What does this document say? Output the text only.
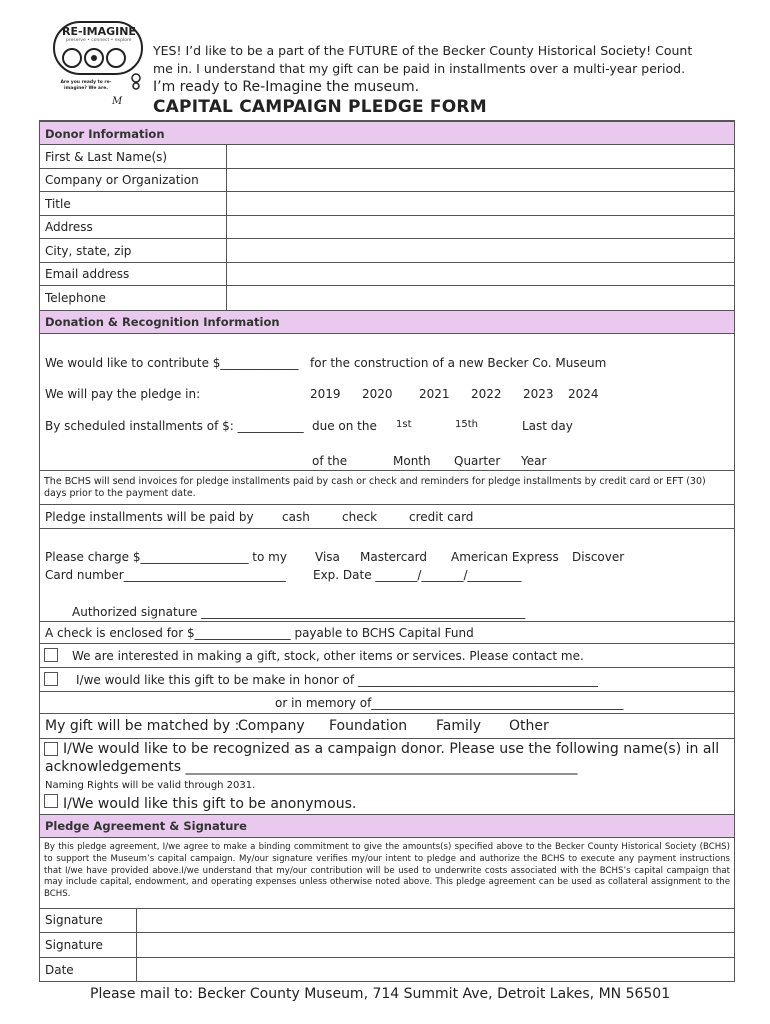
M
RE-IMAGINE
preserve • connect • explore
Are you ready to re-imagine? We are.
YES! I’d like to be a part of the FUTURE of the Becker County Historical Society! Count
me in. I understand that my gift can be paid in installments over a multi-year period.
I’m ready to Re-Imagine the museum.
CAPITAL CAMPAIGN PLEDGE FORM
Donor Information
First & Last Name(s)
Company or Organization
Title
Address
City, state, zip
Email address
Telephone
Donation & Recognition Information
We would like to contribute $_____________ for the construction of a new Becker Co. Museum
We will pay the pledge in:	2019 2020 2021 2022 2023 2024
By scheduled installments of $: ___________ due on the 1st	15th	Last day
of the	Month Quarter Year
The BCHS will send invoices for pledge installments paid by cash or check and reminders for pledge installments by credit card or EFT (30) days prior to the payment date.
Pledge installments will be paid by cash	check	credit card
Please charge $__________________ to my Visa Mastercard American Express Discover
Card number___________________________ Exp. Date _______/_______/_________
Authorized signature ______________________________________________________
A check is enclosed for $________________ payable to BCHS Capital Fund
We are interested in making a gift, stock, other items or services. Please contact me.
I/we would like this gift to be make in honor of ________________________________________
or in memory of__________________________________________
My gift will be matched by :
Company Foundation Family Other
I/We would like to be recognized as a campaign donor. Please use the following name(s) in all
acknowledgements ________________________________________________________
Naming Rights will be valid through 2031.
I/We would like this gift to be anonymous.
Pledge Agreement & Signature
By this pledge agreement, I/we agree to make a binding commitment to give the amounts(s) specified above to the Becker County Historical Society (BCHS) to support the Museum’s capital campaign. My/our signature verifies my/our intent to pledge and authorize the BCHS to execute any payment instructions that I/we have provided above.I/we understand that my/our contribution will be used to underwrite costs associated with the BCHS’s capital campaign that may include capital, endowment, and operating expenses unless otherwise noted above. This pledge agreement can be used as collateral assignment to the BCHS.
Signature
Signature
Date
Please mail to: Becker County Museum, 714 Summit Ave, Detroit Lakes, MN 56501
